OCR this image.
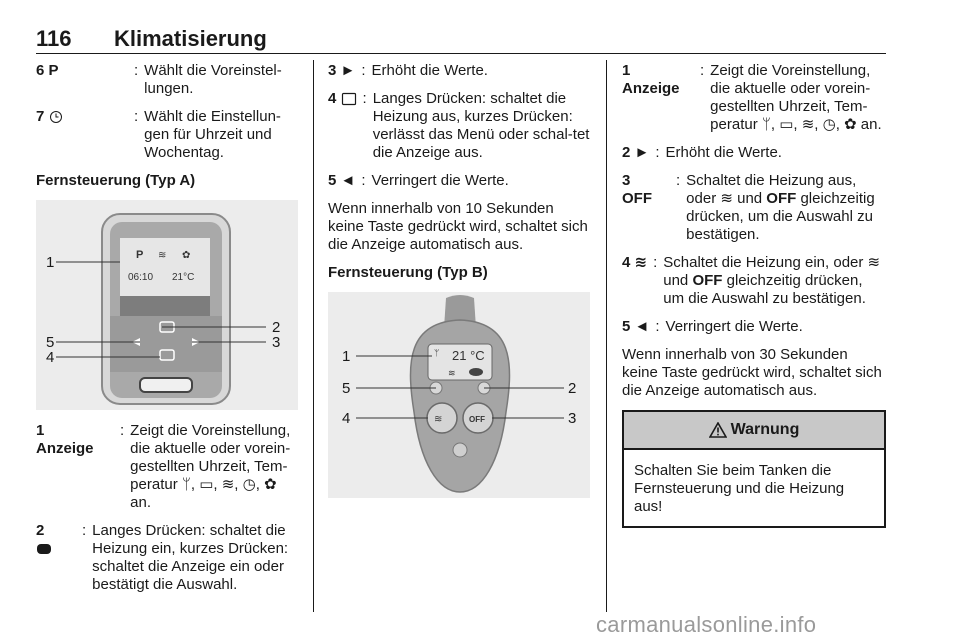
116 Klimatisierung
6 P	: Wählt die Voreinstel-lungen.
7	: Wählt die Einstellun-gen für Uhrzeit und Wochentag.
Fernsteuerung (Typ A)
P ≋ ✿
06:10 21°C
1
2
3
4
5
1
Anzeige
: Zeigt die Voreinstellung, die aktuelle oder vorein-gestellten Uhrzeit, Tem-peratur ᛘ, ▭, ≋, ◷, ✿ an.
2	: Langes Drücken: schaltet die Heizung ein, kurzes Drücken: schaltet die Anzeige ein oder bestätigt die Auswahl.
3 ► : Erhöht die Werte.
4	: Langes Drücken: schaltet die Heizung aus, kurzes Drücken: verlässt das Menü oder schal-tet die Anzeige aus.
5 ◄ : Verringert die Werte.
Wenn innerhalb von 10 Sekunden keine Taste gedrückt wird, schaltet sich die Anzeige automatisch aus.
Fernsteuerung (Typ B)
ᛘ 21 °C
≋
≋	OFF
1
2
3
4
5
1
Anzeige
: Zeigt die Voreinstellung, die aktuelle oder vorein-gestellten Uhrzeit, Tem-peratur ᛘ, ▭, ≋, ◷, ✿ an.
2 ► : Erhöht die Werte.
3
OFF
: Schaltet die Heizung aus, oder ≋ und OFF gleichzeitig drücken, um die Auswahl zu bestätigen.
4 ≋ : Schaltet die Heizung ein, oder ≋ und OFF gleichzeitig drücken, um die Auswahl zu bestätigen.
5 ◄ : Verringert die Werte.
Wenn innerhalb von 30 Sekunden keine Taste gedrückt wird, schaltet sich die Anzeige automatisch aus.
Warnung
Schalten Sie beim Tanken die Fernsteuerung und die Heizung aus!
carmanualsonline.info
